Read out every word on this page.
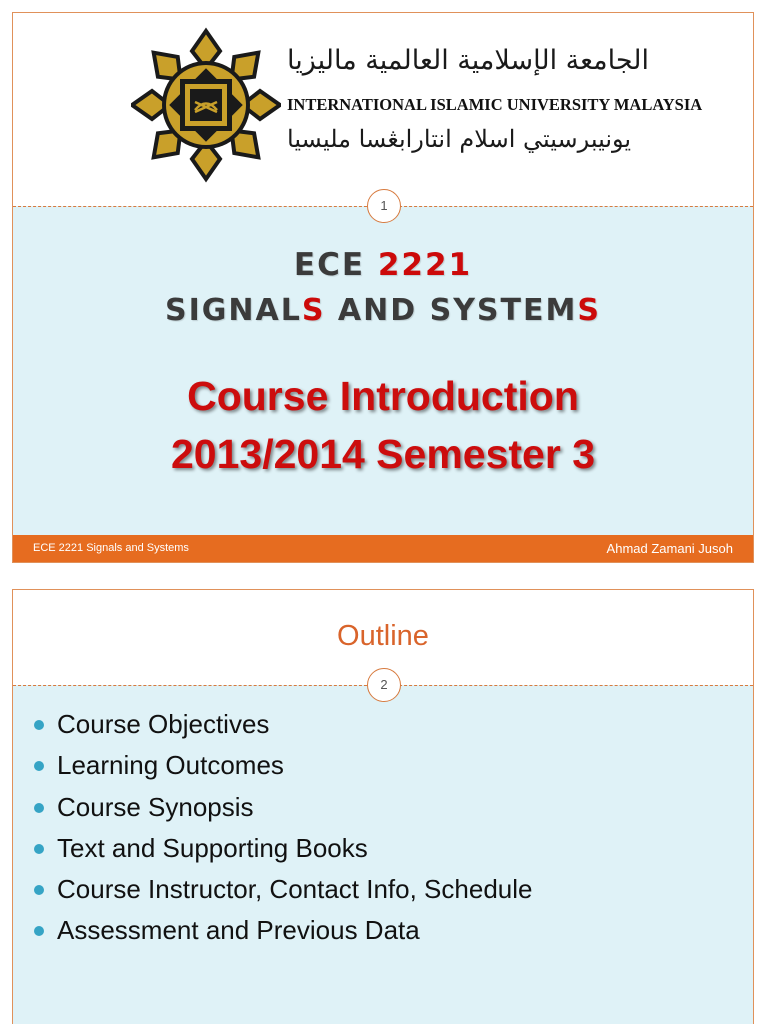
الجامعة الإسلامية العالمية ماليزيا
INTERNATIONAL ISLAMIC UNIVERSITY MALAYSIA
يونيبرسيتي اسلام انتارابڠسا مليسيا
1
ECE 2221
SIGNALS AND SYSTEMS
Course Introduction
2013/2014 Semester 3
ECE 2221 Signals and Systems	Ahmad Zamani Jusoh
Outline
2
Course Objectives
Learning Outcomes
Course Synopsis
Text and Supporting Books
Course Instructor, Contact Info, Schedule
Assessment and Previous Data
